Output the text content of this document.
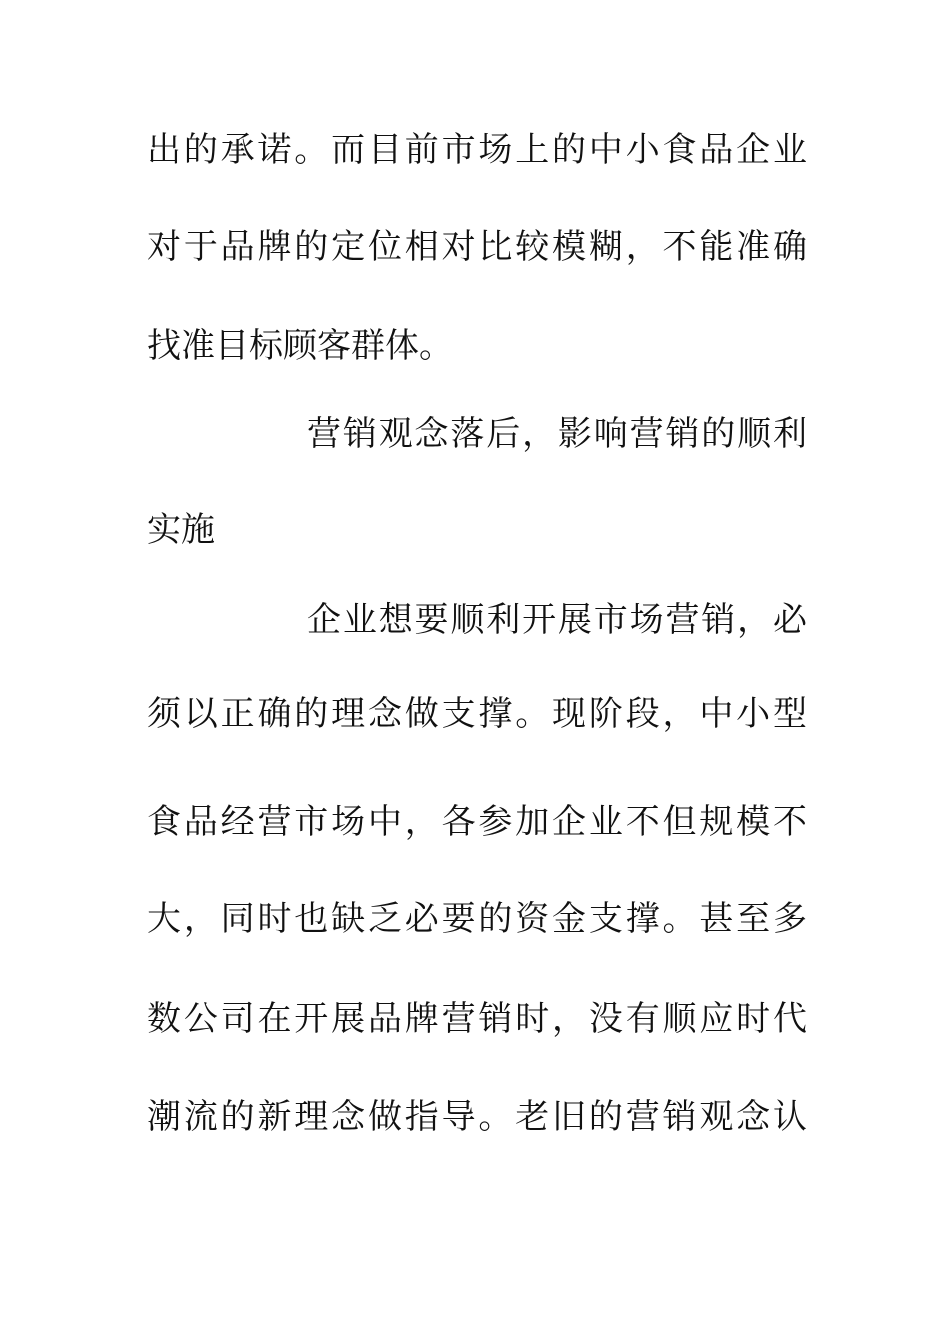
出的承诺。而目前市场上的中小食品企业
对于品牌的定位相对比较模糊，不能准确
找准目标顾客群体。
营销观念落后，影响营销的顺利
实施
企业想要顺利开展市场营销，必
须以正确的理念做支撑。现阶段，中小型
食品经营市场中，各参加企业不但规模不
大，同时也缺乏必要的资金支撑。甚至多
数公司在开展品牌营销时，没有顺应时代
潮流的新理念做指导。老旧的营销观念认
